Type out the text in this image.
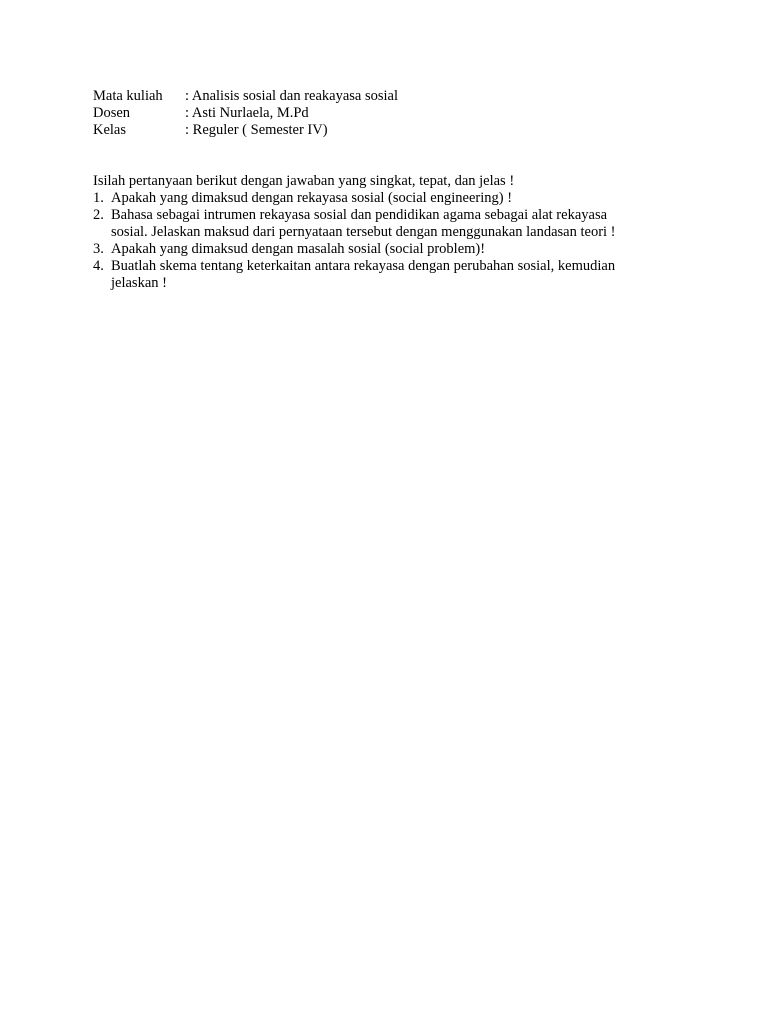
Mata kuliah	: Analisis sosial dan reakayasa sosial
Dosen	: Asti Nurlaela, M.Pd
Kelas	: Reguler ( Semester IV)
Isilah pertanyaan berikut dengan jawaban yang singkat, tepat, dan jelas !
1. Apakah yang dimaksud dengan rekayasa sosial (social engineering) !
2. Bahasa sebagai intrumen rekayasa sosial dan pendidikan agama sebagai alat rekayasa
sosial. Jelaskan maksud dari pernyataan tersebut dengan menggunakan landasan teori !
3. Apakah yang dimaksud dengan masalah sosial (social problem)!
4. Buatlah skema tentang keterkaitan antara rekayasa dengan perubahan sosial, kemudian
jelaskan !
